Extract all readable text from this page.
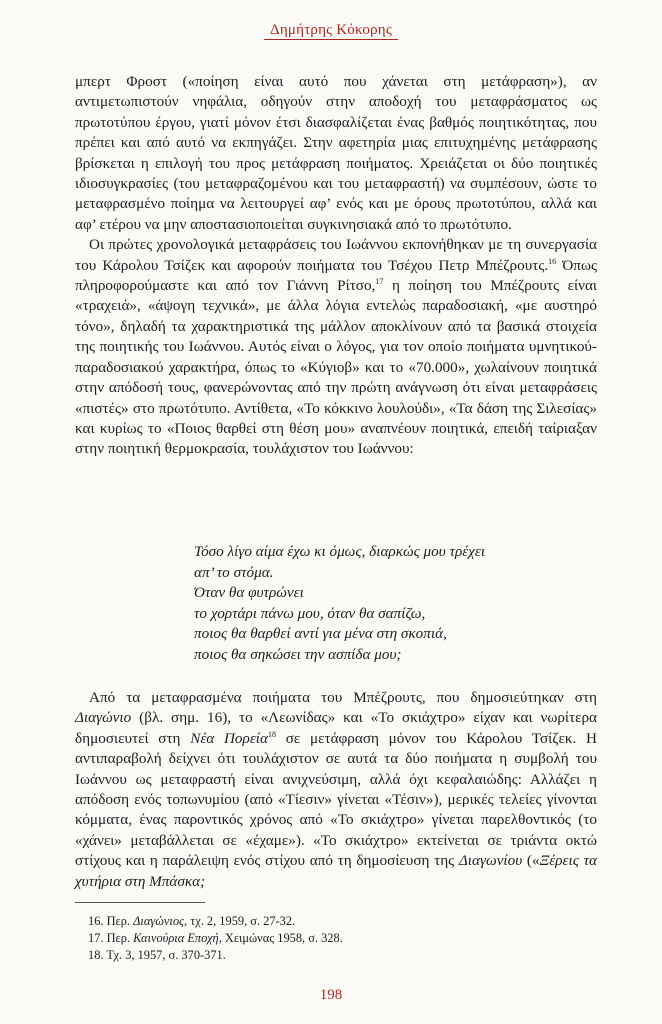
Δημήτρης Κόκορης

μπερτ Φροστ («ποίηση είναι αυτό που χάνεται στη μετάφραση»), αν αντιμετωπιστούν νηφάλια, οδηγούν στην αποδοχή του μεταφράσματος ως πρωτοτύπου έργου, γιατί μόνον έτσι διασφαλίζεται ένας βαθμός ποιητικότητας, που πρέπει και από αυτό να εκπηγάζει. Στην αφετηρία μιας επιτυχημένης μετάφρασης βρίσκεται η επιλογή του προς μετάφραση ποιήματος. Χρειάζεται οι δύο ποιητικές ιδιοσυγκρασίες (του μεταφραζομένου και του μεταφραστή) να συμπέσουν, ώστε το μεταφρασμένο ποίημα να λειτουργεί αφ’ ενός και με όρους πρωτοτύπου, αλλά και αφ’ ετέρου να μην αποστασιοποιείται συγκινησιακά από το πρωτότυπο.

Οι πρώτες χρονολογικά μεταφράσεις του Ιωάννου εκπονήθηκαν με τη συνεργασία του Κάρολου Τσίζεκ και αφορούν ποιήματα του Τσέχου Πετρ Μπέζρουτς.$^{16}$ Όπως πληροφορούμαστε και από τον Γιάννη Ρίτσο,$^{17}$ η ποίηση του Μπέζρουτς είναι «τραχειά», «άψογη τεχνικά», με άλλα λόγια εντελώς παραδοσιακή, «με αυστηρό τόνο», δηλαδή τα χαρακτηριστικά της μάλλον αποκλίνουν από τα βασικά στοιχεία της ποιητικής του Ιωάννου. Αυτός είναι ο λόγος, για τον οποίο ποιήματα υμνητικού-παραδοσιακού χαρακτήρα, όπως το «Κύγιοβ» και το «70.000», χωλαίνουν ποιητικά στην απόδοσή τους, φανερώνοντας από την πρώτη ανάγνωση ότι είναι μεταφράσεις «πιστές» στο πρωτότυπο. Αντίθετα, «Το κόκκινο λουλούδι», «Τα δάση της Σιλεσίας» και κυρίως το «Ποιος θαρθεί στη θέση μου» αναπνέουν ποιητικά, επειδή ταίριαξαν στην ποιητική θερμοκρασία, τουλάχιστον του Ιωάννου:

Τόσο λίγο αίμα έχω κι όμως, διαρκώς μου τρέχει
απ’ το στόμα.
Όταν θα φυτρώνει
το χορτάρι πάνω μου, όταν θα σαπίζω,
ποιος θα θαρθεί αντί για μένα στη σκοπιά,
ποιος θα σηκώσει την ασπίδα μου;

Από τα μεταφρασμένα ποιήματα του Μπέζρουτς, που δημοσιεύτηκαν στη Διαγώνιο (βλ. σημ. 16), το «Λεωνίδας» και «Το σκιάχτρο» είχαν και νωρίτερα δημοσιευτεί στη Νέα Πορεία$^{18}$ σε μετάφραση μόνον του Κάρολου Τσίζεκ. Η αντιπαραβολή δείχνει ότι τουλάχιστον σε αυτά τα δύο ποιήματα η συμβολή του Ιωάννου ως μεταφραστή είναι ανιχνεύσιμη, αλλά όχι κεφαλαιώδης: Αλλάζει η απόδοση ενός τοπωνυμίου (από «Τίεσιν» γίνεται «Τέσιν»), μερικές τελείες γίνονται κόμματα, ένας παροντικός χρόνος από «Το σκιάχτρο» γίνεται παρελθοντικός (το «χάνει» μεταβάλλεται σε «έχαμε»). «Το σκιάχτρο» εκτείνεται σε τριάντα οκτώ στίχους και η παράλειψη ενός στίχου από τη δημοσίευση της Διαγωνίου («Ξέρεις τα χυτήρια στη Μπάσκα;

16. Περ. Διαγώνιος, τχ. 2, 1959, σ. 27-32.
17. Περ. Καινούρια Εποχή, Χειμώνας 1958, σ. 328.
18. Τχ. 3, 1957, σ. 370-371.
198
